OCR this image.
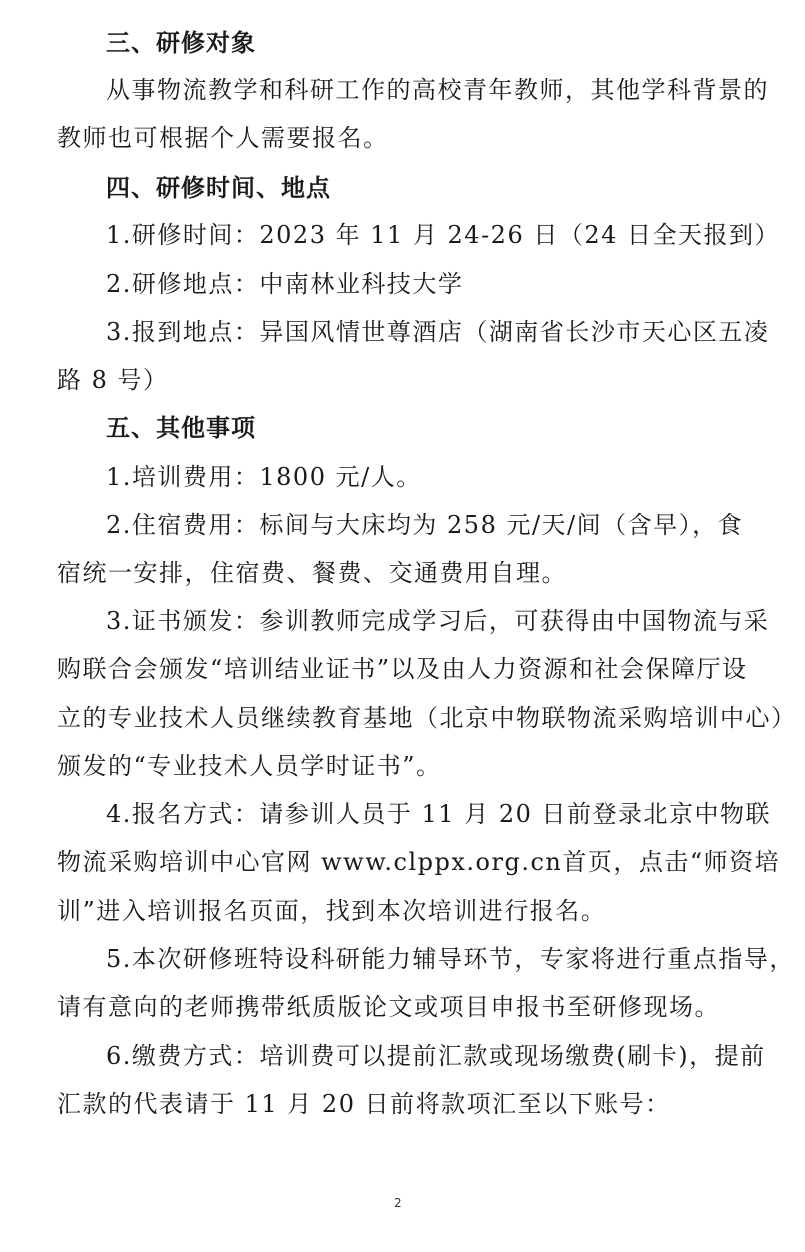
三、研修对象
从事物流教学和科研工作的高校青年教师，其他学科背景的
教师也可根据个人需要报名。
四、研修时间、地点
1.研修时间：2023 年 11 月 24-26 日（24 日全天报到）
2.研修地点：中南林业科技大学
3.报到地点：异国风情世尊酒店（湖南省长沙市天心区五凌
路 8 号）
五、其他事项
1.培训费用：1800 元/人。
2.住宿费用：标间与大床均为 258 元/天/间（含早），食
宿统一安排，住宿费、餐费、交通费用自理。
3.证书颁发：参训教师完成学习后，可获得由中国物流与采
购联合会颁发“培训结业证书”以及由人力资源和社会保障厅设
立的专业技术人员继续教育基地（北京中物联物流采购培训中心）
颁发的“专业技术人员学时证书”。
4.报名方式：请参训人员于 11 月 20 日前登录北京中物联
物流采购培训中心官网 www.clppx.org.cn首页，点击“师资培
训”进入培训报名页面，找到本次培训进行报名。
5.本次研修班特设科研能力辅导环节，专家将进行重点指导，
请有意向的老师携带纸质版论文或项目申报书至研修现场。
6.缴费方式：培训费可以提前汇款或现场缴费(刷卡)，提前
汇款的代表请于 11 月 20 日前将款项汇至以下账号：
2
